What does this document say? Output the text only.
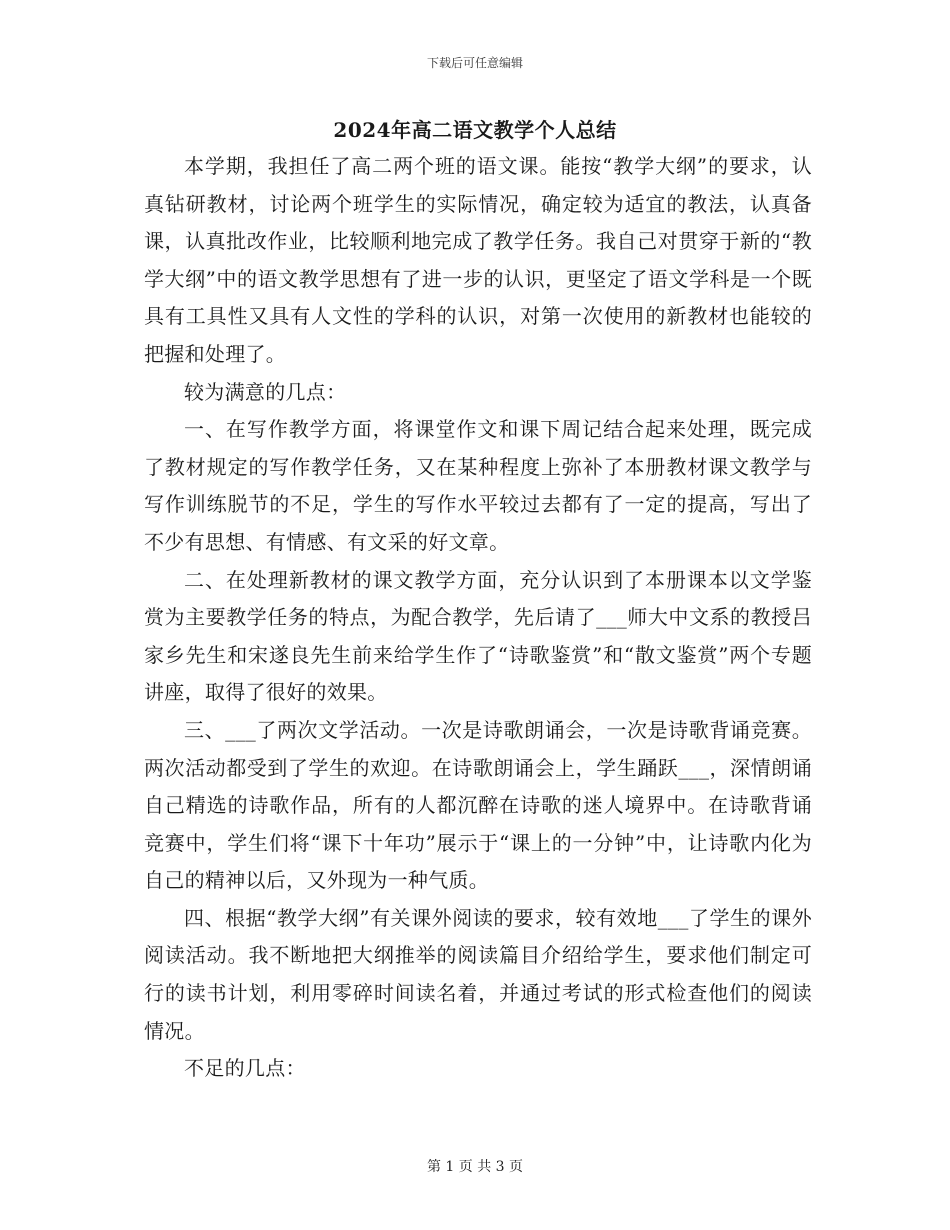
下载后可任意编辑
2024年高二语文教学个人总结

本学期，我担任了高二两个班的语文课。能按“教学大纲”的要求，认真钻研教材，讨论两个班学生的实际情况，确定较为适宜的教法，认真备课，认真批改作业，比较顺利地完成了教学任务。我自己对贯穿于新的“教学大纲”中的语文教学思想有了进一步的认识，更坚定了语文学科是一个既具有工具性又具有人文性的学科的认识，对第一次使用的新教材也能较的把握和处理了。

较为满意的几点：

一、在写作教学方面，将课堂作文和课下周记结合起来处理，既完成了教材规定的写作教学任务，又在某种程度上弥补了本册教材课文教学与写作训练脱节的不足，学生的写作水平较过去都有了一定的提高，写出了不少有思想、有情感、有文采的好文章。

二、在处理新教材的课文教学方面，充分认识到了本册课本以文学鉴赏为主要教学任务的特点，为配合教学，先后请了___师大中文系的教授吕家乡先生和宋遂良先生前来给学生作了“诗歌鉴赏”和“散文鉴赏”两个专题讲座，取得了很好的效果。

三、___了两次文学活动。一次是诗歌朗诵会，一次是诗歌背诵竞赛。两次活动都受到了学生的欢迎。在诗歌朗诵会上，学生踊跃___，深情朗诵自己精选的诗歌作品，所有的人都沉醉在诗歌的迷人境界中。在诗歌背诵竞赛中，学生们将“课下十年功”展示于“课上的一分钟”中，让诗歌内化为自己的精神以后，又外现为一种气质。

四、根据“教学大纲”有关课外阅读的要求，较有效地___了学生的课外阅读活动。我不断地把大纲推举的阅读篇目介绍给学生，要求他们制定可行的读书计划，利用零碎时间读名着，并通过考试的形式检查他们的阅读情况。

不足的几点：

第 1 页 共 3 页
